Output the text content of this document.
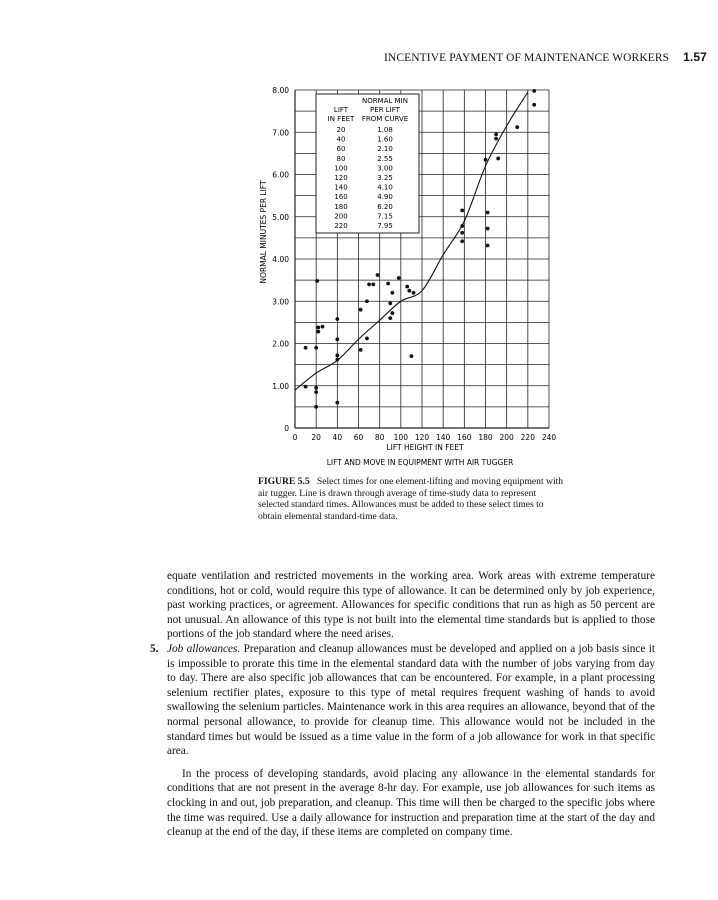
INCENTIVE PAYMENT OF MAINTENANCE WORKERS 1.57
0 20 40 60 80 100 120 140 160 180 200 220 240
0
1.00
2.00
3.00
4.00
5.00
6.00
7.00
8.00
LIFT
IN FEET
NORMAL MIN
PER LIFT
FROM CURVE
20	1.08
40	1.60
60	2.10
80	2.55
100	3.00
120	3.25
140	4.10
160	4.90
180	6.20
200	7.15
220	7.95
LIFT HEIGHT IN FEET
LIFT AND MOVE IN EQUIPMENT WITH AIR TUGGER
NORMAL MINUTES PER LIFT
FIGURE 5.5 Select times for one element-lifting and moving equipment with air tugger. Line is drawn through average of time-study data to represent selected standard times. Allowances must be added to these select times to obtain elemental standard-time data.

equate ventilation and restricted movements in the working area. Work areas with extreme temperature conditions, hot or cold, would require this type of allowance. It can be determined only by job experience, past working practices, or agreement. Allowances for specific conditions that run as high as 50 percent are not unusual. An allowance of this type is not built into the elemental time standards but is applied to those portions of the job standard where the need arises.

5. Job allowances. Preparation and cleanup allowances must be developed and applied on a job basis since it is impossible to prorate this time in the elemental standard data with the number of jobs varying from day to day. There are also specific job allowances that can be encountered. For example, in a plant processing selenium rectifier plates, exposure to this type of metal requires frequent washing of hands to avoid swallowing the selenium particles. Maintenance work in this area requires an allowance, beyond that of the normal personal allowance, to provide for cleanup time. This allowance would not be included in the standard times but would be issued as a time value in the form of a job allowance for work in that specific area.

In the process of developing standards, avoid placing any allowance in the elemental standards for conditions that are not present in the average 8-hr day. For example, use job allowances for such items as clocking in and out, job preparation, and cleanup. This time will then be charged to the specific jobs where the time was required. Use a daily allowance for instruction and preparation time at the start of the day and cleanup at the end of the day, if these items are completed on company time.
